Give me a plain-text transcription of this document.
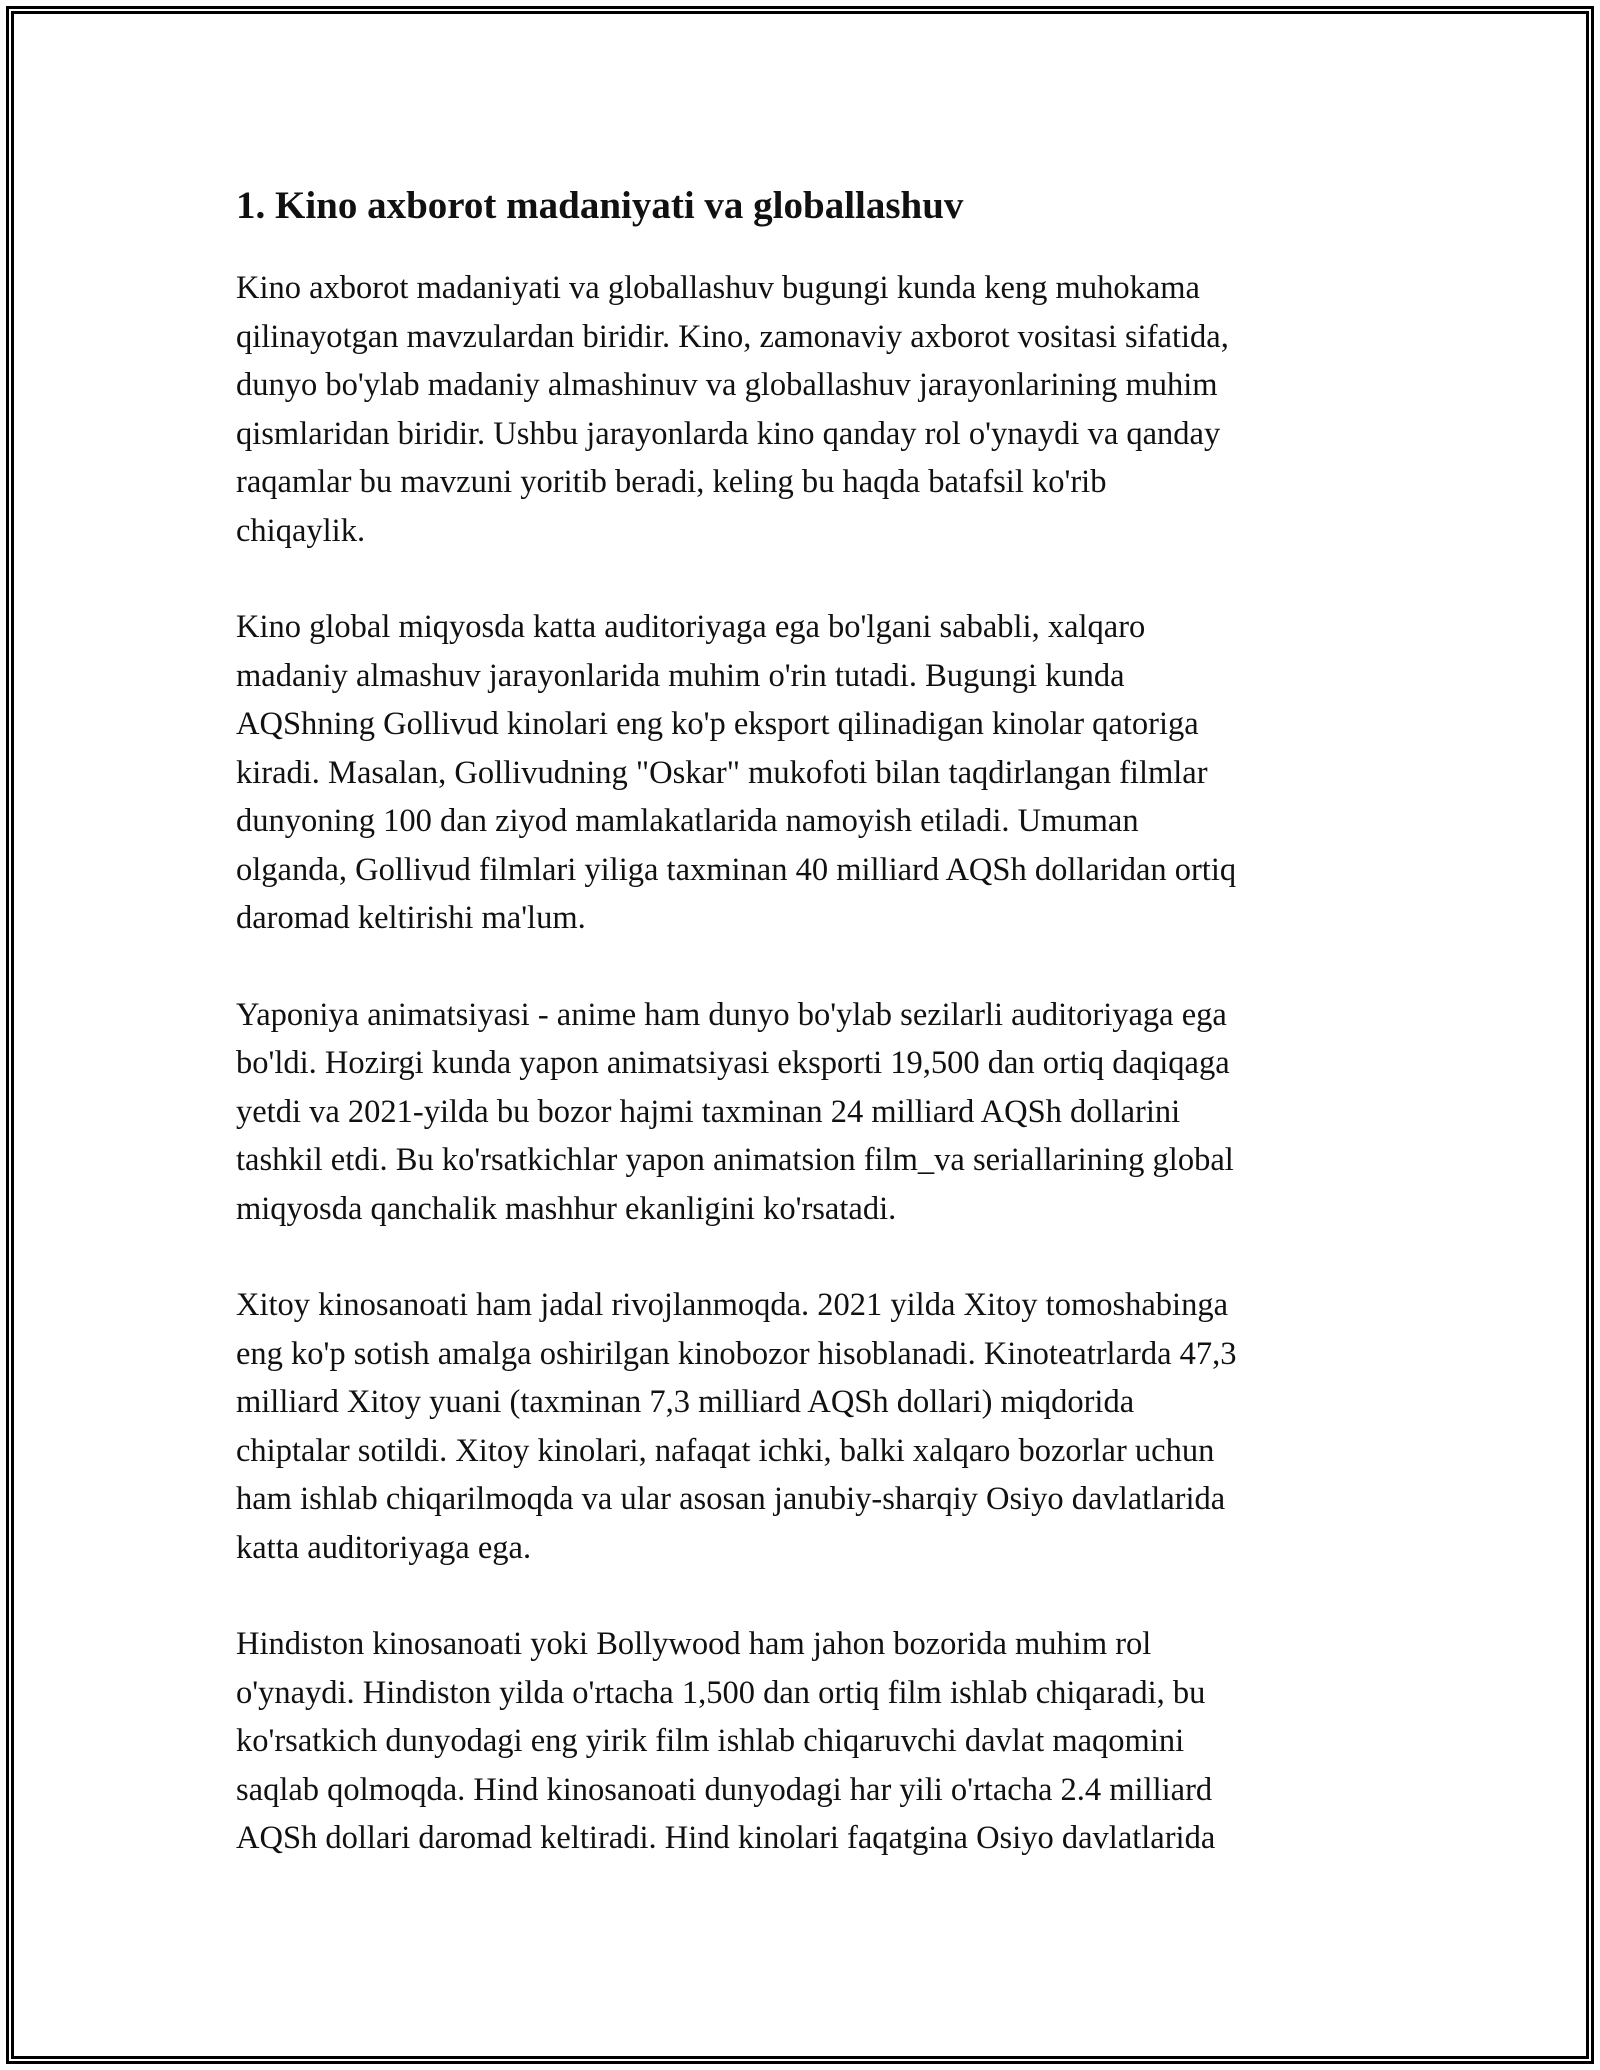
1. Kino axborot madaniyati va globallashuv

Kino axborot madaniyati va globallashuv bugungi kunda keng muhokama
qilinayotgan mavzulardan biridir. Kino, zamonaviy axborot vositasi sifatida,
dunyo bo'ylab madaniy almashinuv va globallashuv jarayonlarining muhim
qismlaridan biridir. Ushbu jarayonlarda kino qanday rol o'ynaydi va qanday
raqamlar bu mavzuni yoritib beradi, keling bu haqda batafsil ko'rib
chiqaylik.

Kino global miqyosda katta auditoriyaga ega bo'lgani sababli, xalqaro
madaniy almashuv jarayonlarida muhim o'rin tutadi. Bugungi kunda
AQShning Gollivud kinolari eng ko'p eksport qilinadigan kinolar qatoriga
kiradi. Masalan, Gollivudning "Oskar" mukofoti bilan taqdirlangan filmlar
dunyoning 100 dan ziyod mamlakatlarida namoyish etiladi. Umuman
olganda, Gollivud filmlari yiliga taxminan 40 milliard AQSh dollaridan ortiq
daromad keltirishi ma'lum.

Yaponiya animatsiyasi - anime ham dunyo bo'ylab sezilarli auditoriyaga ega
bo'ldi. Hozirgi kunda yapon animatsiyasi eksporti 19,500 dan ortiq daqiqaga
yetdi va 2021-yilda bu bozor hajmi taxminan 24 milliard AQSh dollarini
tashkil etdi. Bu ko'rsatkichlar yapon animatsion film_va seriallarining global
miqyosda qanchalik mashhur ekanligini ko'rsatadi.

Xitoy kinosanoati ham jadal rivojlanmoqda. 2021 yilda Xitoy tomoshabinga
eng ko'p sotish amalga oshirilgan kinobozor hisoblanadi. Kinoteatrlarda 47,3
milliard Xitoy yuani (taxminan 7,3 milliard AQSh dollari) miqdorida
chiptalar sotildi. Xitoy kinolari, nafaqat ichki, balki xalqaro bozorlar uchun
ham ishlab chiqarilmoqda va ular asosan janubiy-sharqiy Osiyo davlatlarida
katta auditoriyaga ega.

Hindiston kinosanoati yoki Bollywood ham jahon bozorida muhim rol
o'ynaydi. Hindiston yilda o'rtacha 1,500 dan ortiq film ishlab chiqaradi, bu
ko'rsatkich dunyodagi eng yirik film ishlab chiqaruvchi davlat maqomini
saqlab qolmoqda. Hind kinosanoati dunyodagi har yili o'rtacha 2.4 milliard
AQSh dollari daromad keltiradi. Hind kinolari faqatgina Osiyo davlatlarida
